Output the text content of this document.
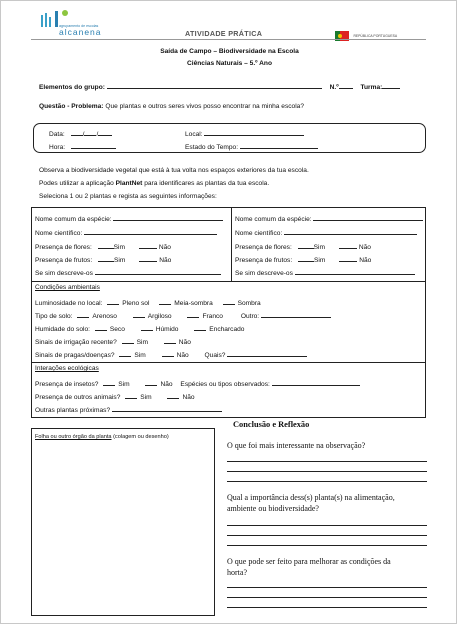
agrupamento de escolas
alcanena	ATIVIDADE PRÁTICA	REPÚBLICA PORTUGUESA
Saída de Campo – Biodiversidade na Escola
Ciências Naturais – 5.º Ano
Elementos do grupo:	N.º	Turma:
Questão - Problema: Que plantas e outros seres vivos posso encontrar na minha escola?
Data:	/ /	Local:
Hora:	Estado do Tempo:
Observa a biodiversidade vegetal que está à tua volta nos espaços exteriores da tua escola.
Podes utilizar a aplicação PlantNet para identificares as plantas da tua escola.
Seleciona 1 ou 2 plantas e regista as seguintes informações:
Nome comum da espécie:
Nome científico:
Presença de flores:	Sim	Não
Presença de frutos:	Sim	Não
Se sim descreve-os
Nome comum da espécie:
Nome científico:
Presença de flores:	Sim	Não
Presença de frutos:	Sim	Não
Se sim descreve-os
Condições ambientais
Luminosidade no local:	Pleno sol	Meia-sombra	Sombra
Tipo de solo:	Arenoso	Argiloso	Franco	Outro:
Humidade do solo:	Seco	Húmido	Encharcado
Sinais de irrigação recente?	Sim	Não
Sinais de pragas/doenças?	Sim	Não Quais?
Interações ecológicas
Presença de insetos?	Sim	Não Espécies ou tipos observados:
Presença de outros animais?	Sim	Não
Outras plantas próximas?
Folha ou outro órgão da planta (colagem ou desenho)
Conclusão e Reflexão
O que foi mais interessante na observação?
Qual a importância dess(s) planta(s) na alimentação,
ambiente ou biodiversidade?
O que pode ser feito para melhorar as condições da
horta?
